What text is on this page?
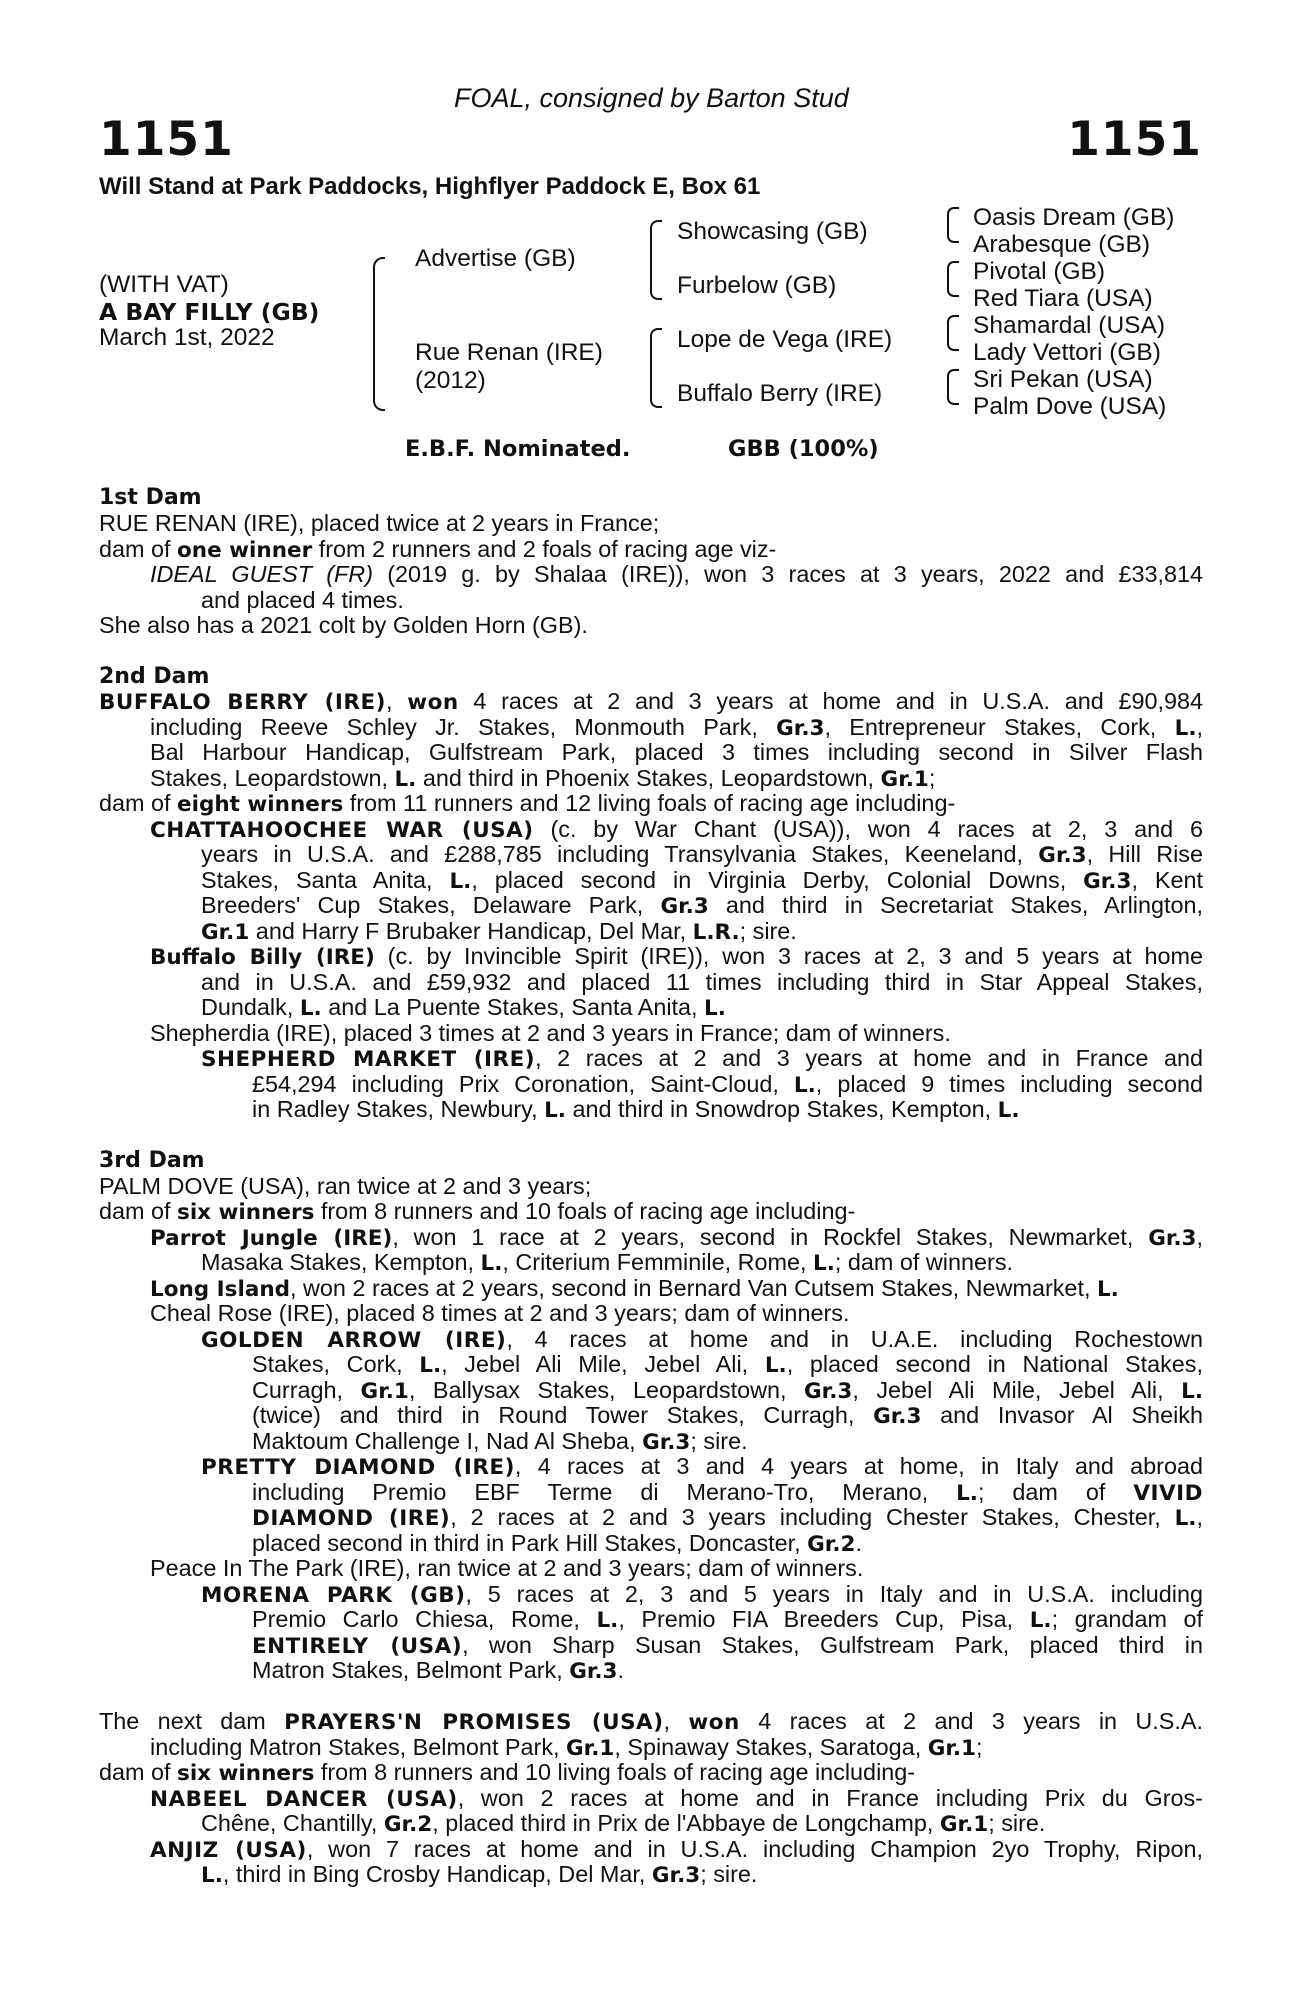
FOAL, consigned by Barton Stud
1151	1151
Will Stand at Park Paddocks, Highflyer Paddock E, Box 61
(WITH VAT)
A BAY FILLY (GB)
March 1st, 2022
Advertise (GB)
Rue Renan (IRE)
(2012)
Showcasing (GB)
Furbelow (GB)
Lope de Vega (IRE)
Buffalo Berry (IRE)
Oasis Dream (GB)
Arabesque (GB)
Pivotal (GB)
Red Tiara (USA)
Shamardal (USA)
Lady Vettori (GB)
Sri Pekan (USA)
Palm Dove (USA)
E.B.F. Nominated.	GBB (100%)
1st Dam
RUE RENAN (IRE), placed twice at 2 years in France;
dam of one winner from 2 runners and 2 foals of racing age viz-
IDEAL GUEST (FR) (2019 g. by Shalaa (IRE)), won 3 races at 3 years, 2022 and £33,814
and placed 4 times.
She also has a 2021 colt by Golden Horn (GB).
2nd Dam
BUFFALO BERRY (IRE), won 4 races at 2 and 3 years at home and in U.S.A. and £90,984
including Reeve Schley Jr. Stakes, Monmouth Park, Gr.3, Entrepreneur Stakes, Cork, L.,
Bal Harbour Handicap, Gulfstream Park, placed 3 times including second in Silver Flash
Stakes, Leopardstown, L. and third in Phoenix Stakes, Leopardstown, Gr.1;
dam of eight winners from 11 runners and 12 living foals of racing age including-
CHATTAHOOCHEE WAR (USA) (c. by War Chant (USA)), won 4 races at 2, 3 and 6
years in U.S.A. and £288,785 including Transylvania Stakes, Keeneland, Gr.3, Hill Rise
Stakes, Santa Anita, L., placed second in Virginia Derby, Colonial Downs, Gr.3, Kent
Breeders' Cup Stakes, Delaware Park, Gr.3 and third in Secretariat Stakes, Arlington,
Gr.1 and Harry F Brubaker Handicap, Del Mar, L.R.; sire.
Buffalo Billy (IRE) (c. by Invincible Spirit (IRE)), won 3 races at 2, 3 and 5 years at home
and in U.S.A. and £59,932 and placed 11 times including third in Star Appeal Stakes,
Dundalk, L. and La Puente Stakes, Santa Anita, L.
Shepherdia (IRE), placed 3 times at 2 and 3 years in France; dam of winners.
SHEPHERD MARKET (IRE), 2 races at 2 and 3 years at home and in France and
£54,294 including Prix Coronation, Saint-Cloud, L., placed 9 times including second
in Radley Stakes, Newbury, L. and third in Snowdrop Stakes, Kempton, L.
3rd Dam
PALM DOVE (USA), ran twice at 2 and 3 years;
dam of six winners from 8 runners and 10 foals of racing age including-
Parrot Jungle (IRE), won 1 race at 2 years, second in Rockfel Stakes, Newmarket, Gr.3,
Masaka Stakes, Kempton, L., Criterium Femminile, Rome, L.; dam of winners.
Long Island, won 2 races at 2 years, second in Bernard Van Cutsem Stakes, Newmarket, L.
Cheal Rose (IRE), placed 8 times at 2 and 3 years; dam of winners.
GOLDEN ARROW (IRE), 4 races at home and in U.A.E. including Rochestown
Stakes, Cork, L., Jebel Ali Mile, Jebel Ali, L., placed second in National Stakes,
Curragh, Gr.1, Ballysax Stakes, Leopardstown, Gr.3, Jebel Ali Mile, Jebel Ali, L.
(twice) and third in Round Tower Stakes, Curragh, Gr.3 and Invasor Al Sheikh
Maktoum Challenge I, Nad Al Sheba, Gr.3; sire.
PRETTY DIAMOND (IRE), 4 races at 3 and 4 years at home, in Italy and abroad
including Premio EBF Terme di Merano-Tro, Merano, L.; dam of VIVID
DIAMOND (IRE), 2 races at 2 and 3 years including Chester Stakes, Chester, L.,
placed second in third in Park Hill Stakes, Doncaster, Gr.2.
Peace In The Park (IRE), ran twice at 2 and 3 years; dam of winners.
MORENA PARK (GB), 5 races at 2, 3 and 5 years in Italy and in U.S.A. including
Premio Carlo Chiesa, Rome, L., Premio FIA Breeders Cup, Pisa, L.; grandam of
ENTIRELY (USA), won Sharp Susan Stakes, Gulfstream Park, placed third in
Matron Stakes, Belmont Park, Gr.3.
The next dam PRAYERS'N PROMISES (USA), won 4 races at 2 and 3 years in U.S.A.
including Matron Stakes, Belmont Park, Gr.1, Spinaway Stakes, Saratoga, Gr.1;
dam of six winners from 8 runners and 10 living foals of racing age including-
NABEEL DANCER (USA), won 2 races at home and in France including Prix du Gros-
Chêne, Chantilly, Gr.2, placed third in Prix de l'Abbaye de Longchamp, Gr.1; sire.
ANJIZ (USA), won 7 races at home and in U.S.A. including Champion 2yo Trophy, Ripon,
L., third in Bing Crosby Handicap, Del Mar, Gr.3; sire.
